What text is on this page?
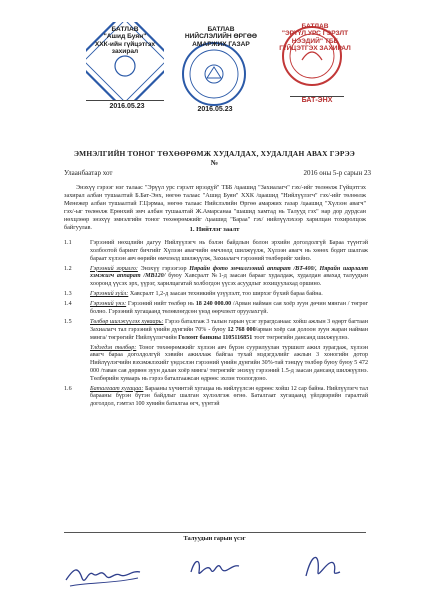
БАТЛАВ
"Ашид Буян"
ХХК-ийн гүйцэтгэх
захирал
2016.05.23
БАТЛАВ
НИЙСЛЭЛИЙН ӨРГӨӨ
АМАРЖИХ ГАЗАР
2016.05.23
БАТЛАВ
"ЭРҮҮЛ УРС ГЭРЗЛТ
НЭЭДИЙ" ТББ
ГҮЙЦЭТГЭХ ЗАХИРАЛ
БАТ-ЭНХ
ЭМНЭЛГИЙН ТОНОГ ТӨХӨӨРӨМЖ ХУДАЛДАХ, ХУДАЛДАН АВАХ ГЭРЭЭ
№
Улаанбаатар хот	2016 оны 5-р сарын 23

Энэхүү гэрээг нэг талаас "Эрүүл урс гэрэлт ирээдүй" ТББ /цаашид "Захиалагч" гэх/-ийг төлөөлж Гүйцэтгэх захирал албан тушаалтай Б.Бат-Энх, нөгөө талаас "Ашид Буян" ХХК /цаашид "Нийлүүлэгч" гэх/-ийг төлөөлж Менежер албан тушаалтай Г.Цэрмаа, нөгөө талаас Нийслэлийн Өргөө амаржих газар /цаашид "Хүлээн авагч" гэх/-ыг төлөөлж Ерөнхий эмч албан тушаалтай Ж.Амарсанаа "шашид хамтад нь Талууд гэх" нар дор дурдсан нөхцлөөр энэхүү эмнэлгийн тоног төхөөрөмжийг /цаашид "Бараа" гэх/ нийлүүлэхээр харилцан тохиролцож байгуулав.	1. Нийтлэг заалт
1.1	Гэрээний нөхцлийн дагуу Нийлүүлэгч нь бэлэн байдлын болон эрхийн доголдолгүй Бараа түүнтэй холбоотой баримт бичгийг Хүлээн авагчийн өмчлөлд шилжүүлж, Хүлээн авагч нь хөнөх бодит шалгаж бараат хүлээн авч өөрийн өмчлөлд шилжүүлж, Захиалагч гэрээний төлбөрийг хийнэ.
1.2	Гэрээний зорилго: Энэхүү гэрээгээр Нярайн фото эмчилгээний аппарат /BT-400/, Нярайн шарлалт хэмжигч аппарат /МВ120/ буюу Хавсралт №1-д заасан барааг худалдаж, худалдан авахад талуудын хооронд үүсэх эрх, үүрэг, харилцагатай холбогдон үүсэх асуудлыг зохицуулахад оршино.
1.3	Гэрээний зүйл: Хавсралт 1,2-д заасан техникийн үзүүлэлт, тоо ширхэг бүхий бараа байна.
1.4	Гэрээний үнэ: Гэрээний нийт төлбөр нь 18 240 000.00 /Арван найман сая хоёр зуун дөчин мянган / төгрөг болно. Гэрээний хугацаанд төлөвлөгдсөн үнэд өөрчлөлт оруулахгүй.
1.5	Төлбөр шилжүүлэх хуваарь: Гэрээ баталгаж 3 талын гарын үсэг зурагдсанаас хойш ажлын 3 өдөрт багтаан Захиалагч тал гэрээний үнийн дүнгийн 70% - буюу 12 768 000/арван хоёр сая долоон зуун жаран найман мянга/ төгрөгийг Нийлүүлэгчийн Голомт банкны 1105116851 тоот төгрөгийн дансанд шилжүүлнэ.
Үлдэгдэл төлбөр: Тоног төхөөрөмжийг хүлээн авч бүрэн суурилуулан туршилт ажил зурагдаж, хүлээн авагч бараа доголдолгүй хэвийн ажиллаж байгаа тухай мэдэгдэлийг ажлын 3 хоногийн дотор Нийлүүлэгчийн вэхэмжлэхийг үндэслэн гэрээний үнийн дүнгийн 30%-тай тэнцүү төлбөр буюу буюу 5 472 000 /таван сая дөрвөн зуун далан хоёр мянга/ төгрөгийг энэхүү гэрээний 1.5-д заасан дансанд шилжүүлнэ. Төлбөрийн хуваарь нь гэрээ баталгаажсан өдрөөс эхлэн тоологдоно.
1.6	Баталгаат хугацаа: Барааны хүчинтэй хугацаа нь нийлүүлсэн өдрөөс хойш 12 сар байна. Нийлүүлэгч тал барааны бүрэн бүтэн байдлыг шалган хүлээлгэж өгнө. Баталгаат хугацаанд үйлдвэрийн гаралтай доголдол, гэмтэл 100 хувийн баталгаа өгч, үүнтэй
Талуудын гарын үсэг
